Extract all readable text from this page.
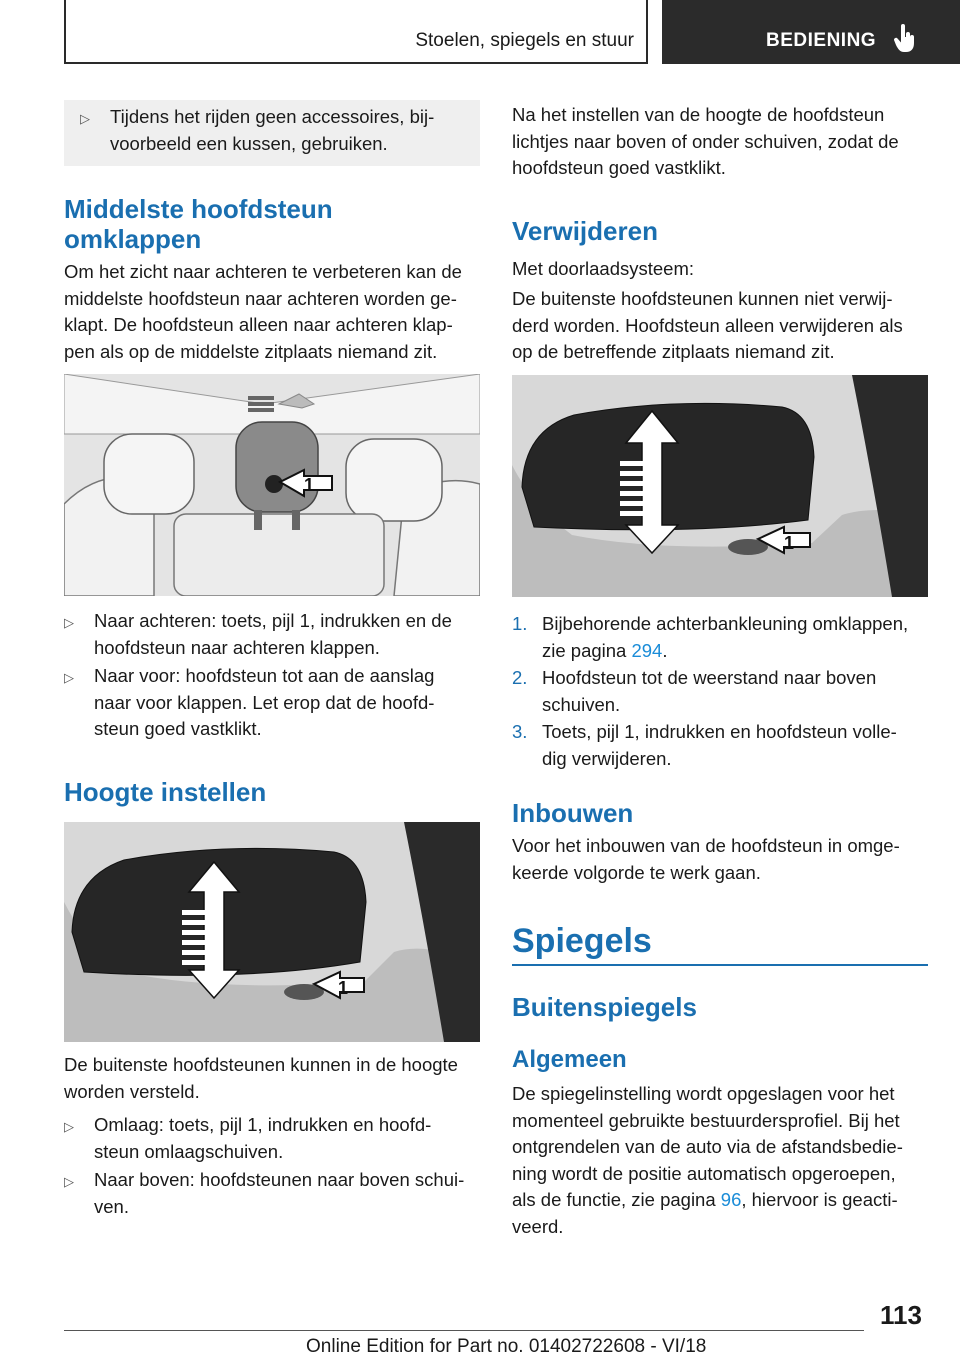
Stoelen, spiegels en stuur	BEDIENING
▷ Tijdens het rijden geen accessoires, bij-
voorbeeld een kussen, gebruiken.
Middelste hoofdsteun
omklappen
Om het zicht naar achteren te verbeteren kan de
middelste hoofdsteun naar achteren worden ge-
klapt. De hoofdsteun alleen naar achteren klap-
pen als op de middelste zitplaats niemand zit.
1
▷ Naar achteren: toets, pijl 1, indrukken en de
hoofdsteun naar achteren klappen.
▷ Naar voor: hoofdsteun tot aan de aanslag
naar voor klappen. Let erop dat de hoofd-
steun goed vastklikt.
Hoogte instellen
1
De buitenste hoofdsteunen kunnen in de hoogte
worden versteld.
▷ Omlaag: toets, pijl 1, indrukken en hoofd-
steun omlaagschuiven.
▷ Naar boven: hoofdsteunen naar boven schui-
ven.
Na het instellen van de hoogte de hoofdsteun
lichtjes naar boven of onder schuiven, zodat de
hoofdsteun goed vastklikt.
Verwijderen
Met doorlaadsysteem:
De buitenste hoofdsteunen kunnen niet verwij-
derd worden. Hoofdsteun alleen verwijderen als
op de betreffende zitplaats niemand zit.
1
1. Bijbehorende achterbankleuning omklappen,
zie pagina 294.
2. Hoofdsteun tot de weerstand naar boven
schuiven.
3. Toets, pijl 1, indrukken en hoofdsteun volle-
dig verwijderen.
Inbouwen
Voor het inbouwen van de hoofdsteun in omge-
keerde volgorde te werk gaan.
Spiegels
Buitenspiegels
Algemeen
De spiegelinstelling wordt opgeslagen voor het
momenteel gebruikte bestuurdersprofiel. Bij het
ontgrendelen van de auto via de afstandsbedie-
ning wordt de positie automatisch opgeroepen,
als de functie, zie pagina 96, hiervoor is geacti-
veerd.
113
Online Edition for Part no. 01402722608 - VI/18
